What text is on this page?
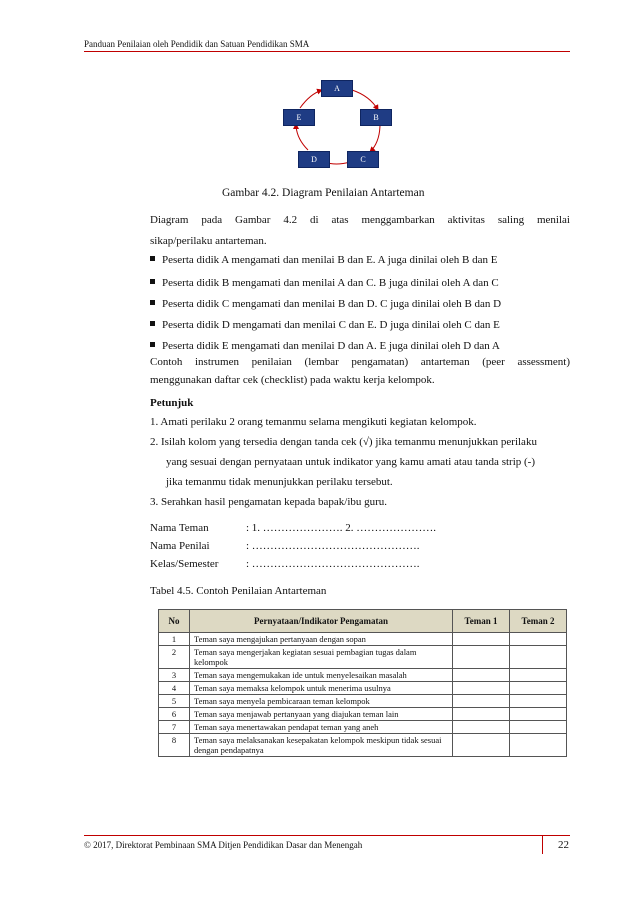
Panduan Penilaian oleh Pendidik dan Satuan Pendidikan SMA
A
B
C
D
E
Gambar 4.2. Diagram Penilaian Antarteman
Diagram pada Gambar 4.2 di atas menggambarkan aktivitas saling menilai
sikap/perilaku antarteman.
Peserta didik A mengamati dan menilai B dan E. A juga dinilai oleh B dan E
Peserta didik B mengamati dan menilai A dan C. B juga dinilai oleh A dan C
Peserta didik C mengamati dan menilai B dan D. C juga dinilai oleh B dan D
Peserta didik D mengamati dan menilai C dan E. D juga dinilai oleh C dan E
Peserta didik E mengamati dan menilai D dan A. E juga dinilai oleh D dan A
Contoh instrumen penilaian (lembar pengamatan) antarteman (peer assessment)
menggunakan daftar cek (checklist) pada waktu kerja kelompok.
Petunjuk
1. Amati perilaku 2 orang temanmu selama mengikuti kegiatan kelompok.
2. Isilah kolom yang tersedia dengan tanda cek (√) jika temanmu menunjukkan perilaku
yang sesuai dengan pernyataan untuk indikator yang kamu amati atau tanda strip (-)
jika temanmu tidak menunjukkan perilaku tersebut.
3. Serahkan hasil pengamatan kepada bapak/ibu guru.
Nama Teman	: 1. …………………. 2. ………………….
Nama Penilai	: ……………………………………….
Kelas/Semester	: ……………………………………….
Tabel 4.5. Contoh Penilaian Antarteman
No	Pernyataan/Indikator Pengamatan	Teman 1	Teman 2
1	Teman saya mengajukan pertanyaan dengan sopan		
2	Teman saya mengerjakan kegiatan sesuai pembagian tugas dalam kelompok		
3	Teman saya mengemukakan ide untuk menyelesaikan masalah		
4	Teman saya memaksa kelompok untuk menerima usulnya		
5	Teman saya menyela pembicaraan teman kelompok		
6	Teman saya menjawab pertanyaan yang diajukan teman lain		
7	Teman saya menertawakan pendapat teman yang aneh		
8	Teman saya melaksanakan kesepakatan kelompok meskipun tidak sesuai dengan pendapatnya		
© 2017, Direktorat Pembinaan SMA Ditjen Pendidikan Dasar dan Menengah	22
